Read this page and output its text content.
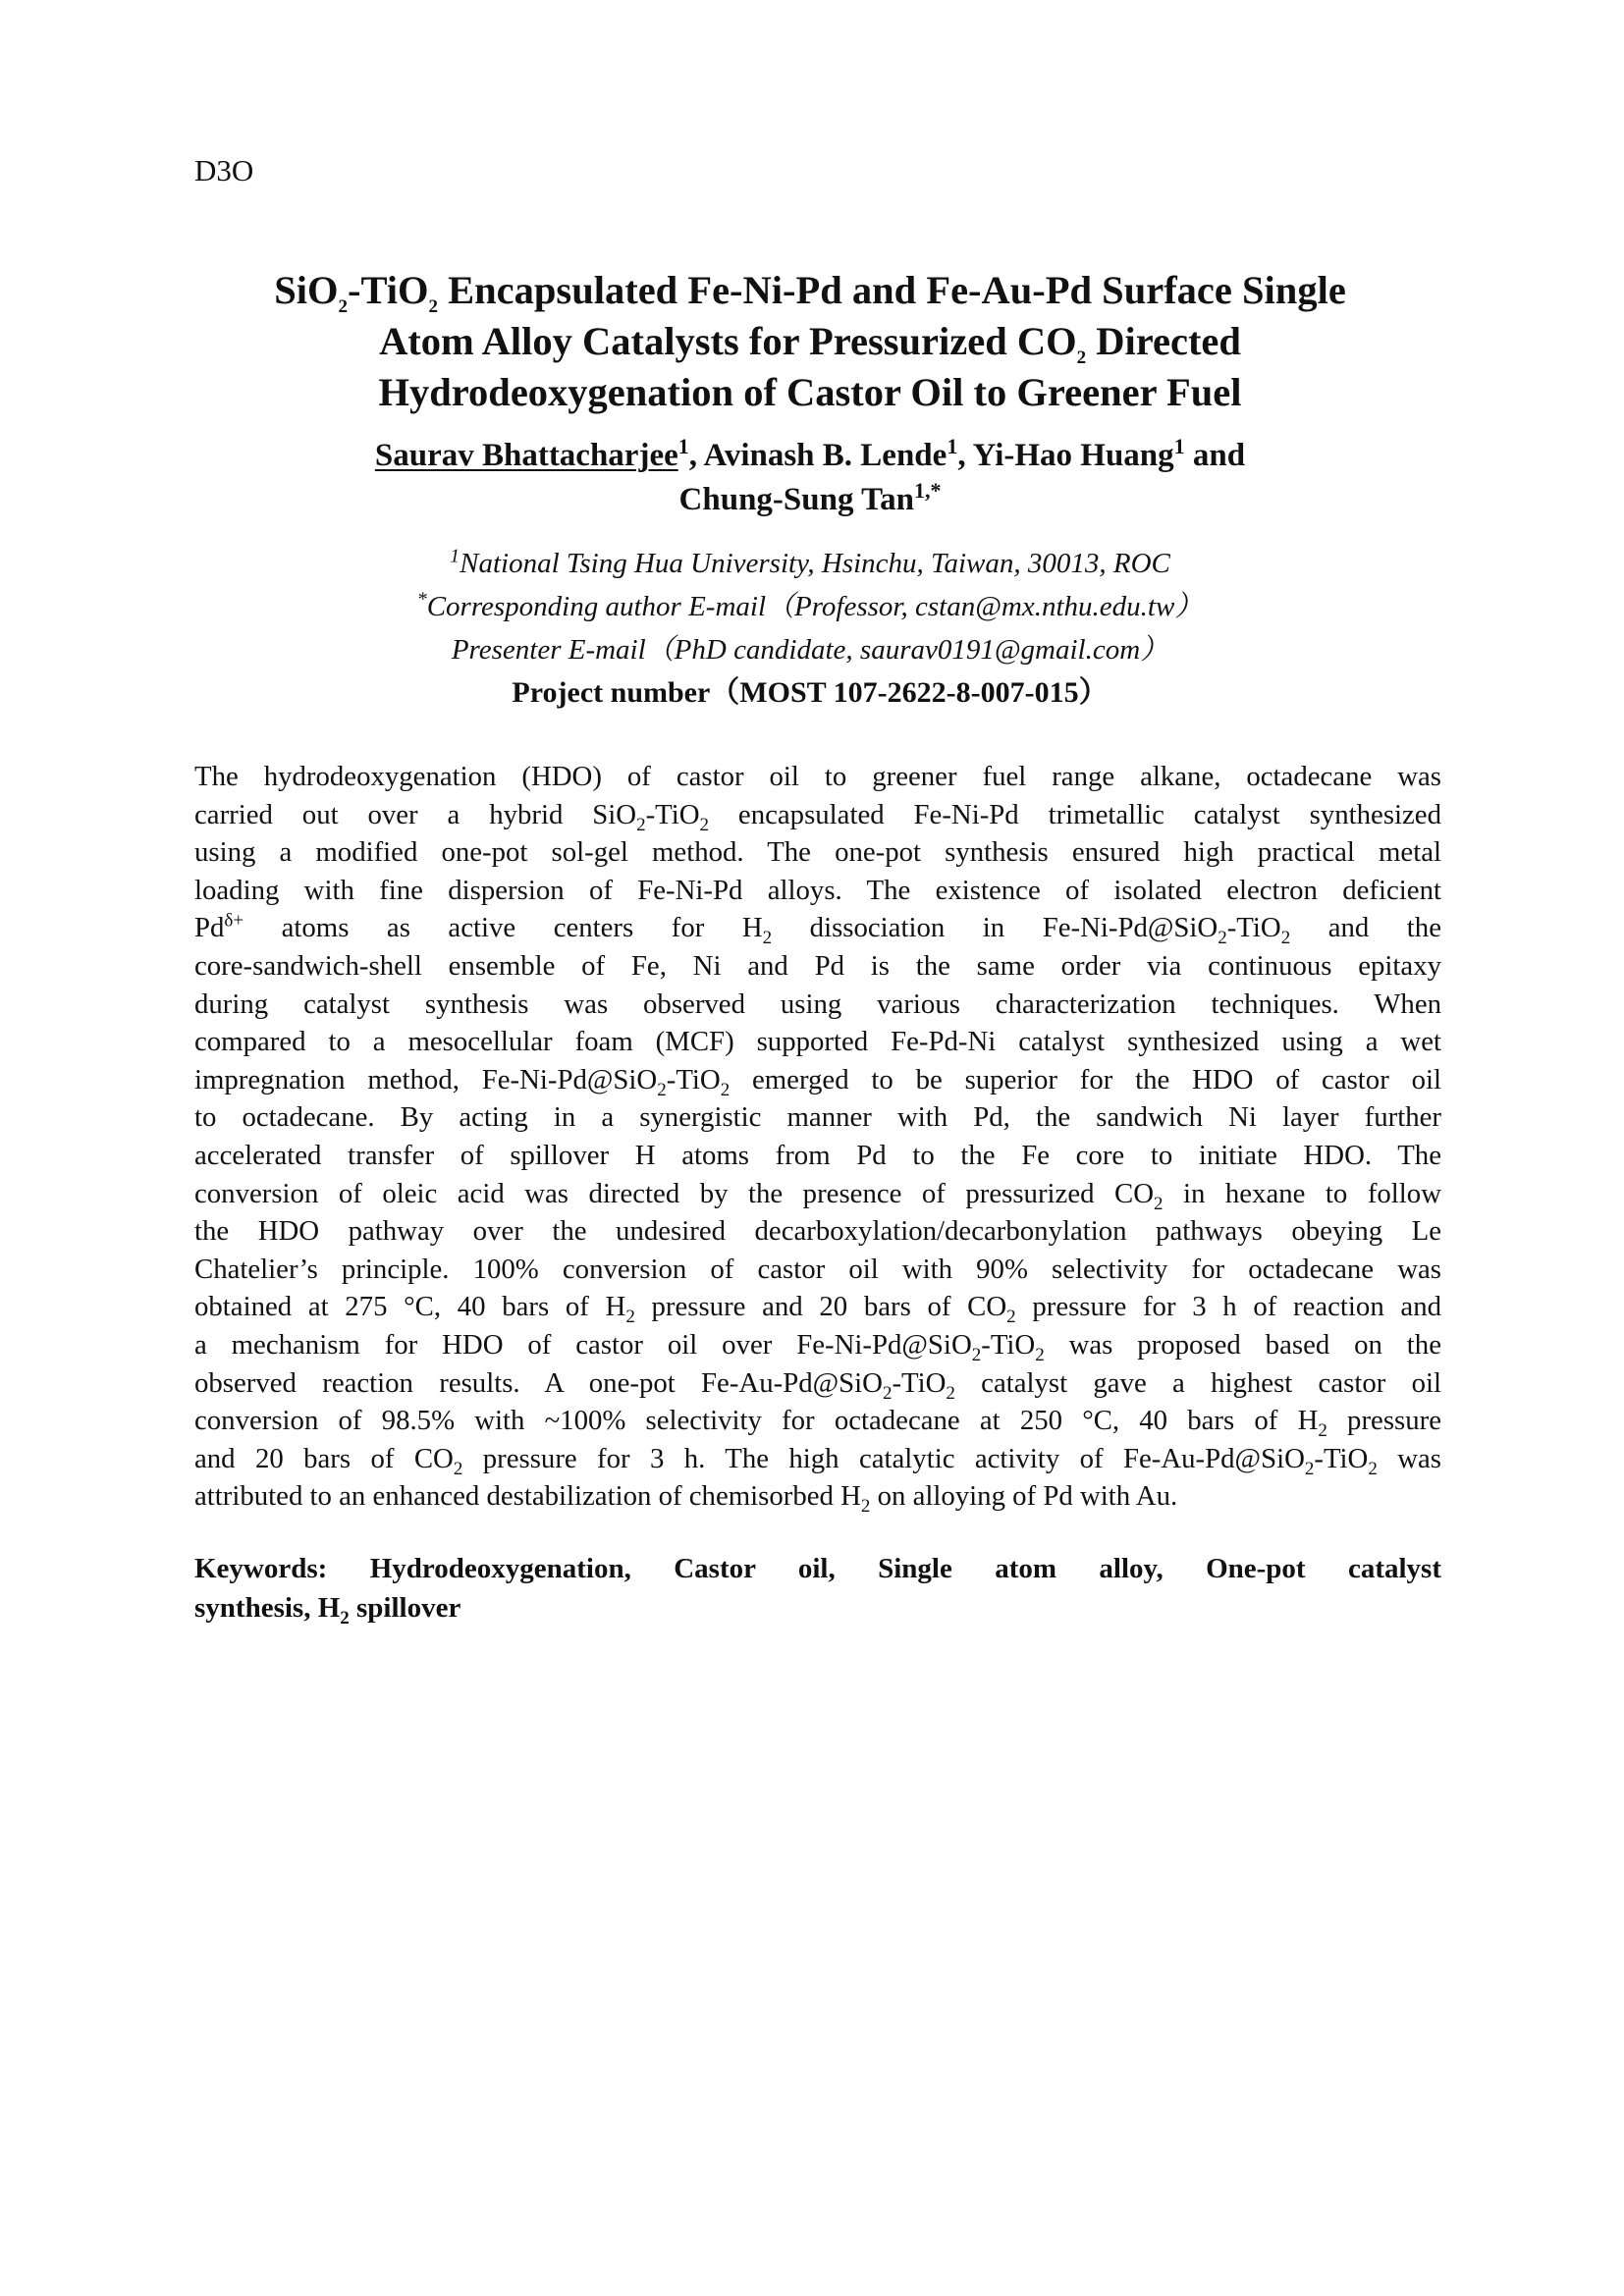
D3O
SiO$_2$-TiO$_2$ Encapsulated Fe-Ni-Pd and Fe-Au-Pd Surface Single
Atom Alloy Catalysts for Pressurized $CO_2$ Directed
Hydrodeoxygenation of Castor Oil to Greener Fuel
Saurav Bhattacharjee$^1$, Avinash B. Lende$^1$, Yi-Hao Huang$^1$ and
Chung-Sung Tan$^{1,*}$
$^1$National Tsing Hua University, Hsinchu, Taiwan, 30013, ROC
*Corresponding author E-mail（Professor, cstan@mx.nthu.edu.tw）
Presenter E-mail（PhD candidate, saurav0191@gmail.com）
Project number（MOST 107-2622-8-007-015）
The hydrodeoxygenation (HDO) of castor oil to greener fuel range alkane, octadecane was
carried out over a hybrid SiO$_2$-TiO$_2$ encapsulated Fe-Ni-Pd trimetallic catalyst synthesized
using a modified one-pot sol-gel method. The one-pot synthesis ensured high practical metal
loading with fine dispersion of Fe-Ni-Pd alloys. The existence of isolated electron deficient
$Pd^{\delta+}$ atoms as active centers for $H_2$ dissociation in Fe-Ni-Pd@SiO$_2$-TiO$_2$ and the
core-sandwich-shell ensemble of Fe, Ni and Pd is the same order via continuous epitaxy
during catalyst synthesis was observed using various characterization techniques. When
compared to a mesocellular foam (MCF) supported Fe-Pd-Ni catalyst synthesized using a wet
impregnation method, Fe-Ni-Pd@SiO$_2$-TiO$_2$ emerged to be superior for the HDO of castor oil
to octadecane. By acting in a synergistic manner with Pd, the sandwich Ni layer further
accelerated transfer of spillover H atoms from Pd to the Fe core to initiate HDO. The
conversion of oleic acid was directed by the presence of pressurized $CO_2$ in hexane to follow
the HDO pathway over the undesired decarboxylation/decarbonylation pathways obeying Le
Chatelier’s principle. 100% conversion of castor oil with 90% selectivity for octadecane was
obtained at 275 °C, 40 bars of $H_2$ pressure and 20 bars of $CO_2$ pressure for 3 h of reaction and
a mechanism for HDO of castor oil over Fe-Ni-Pd@SiO$_2$-TiO$_2$ was proposed based on the
observed reaction results. A one-pot Fe-Au-Pd@SiO$_2$-TiO$_2$ catalyst gave a highest castor oil
conversion of 98.5% with ~100% selectivity for octadecane at 250 °C, 40 bars of $H_2$ pressure
and 20 bars of $CO_2$ pressure for 3 h. The high catalytic activity of Fe-Au-Pd@SiO$_2$-TiO$_2$ was
attributed to an enhanced destabilization of chemisorbed $H_2$ on alloying of Pd with Au.
Keywords: Hydrodeoxygenation, Castor oil, Single atom alloy, One-pot catalyst
synthesis, $H_2$ spillover
